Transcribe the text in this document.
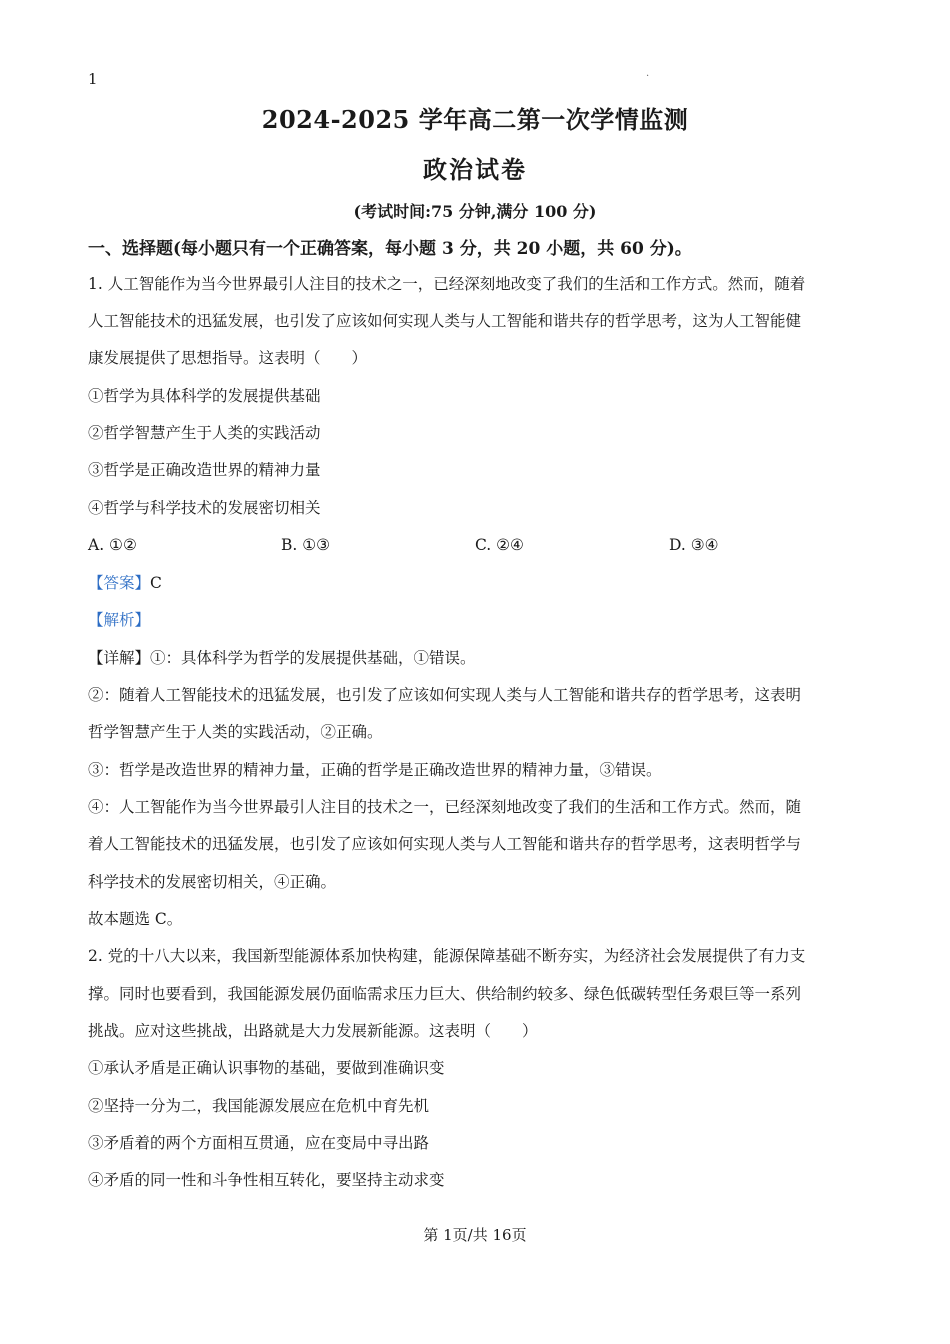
1	.
2024-2025 学年高二第一次学情监测
政治试卷
(考试时间:75 分钟,满分 100 分)
一、选择题(每小题只有一个正确答案，每小题 3 分，共 20 小题，共 60 分)。
1. 人工智能作为当今世界最引人注目的技术之一，已经深刻地改变了我们的生活和工作方式。然而，随着
人工智能技术的迅猛发展，也引发了应该如何实现人类与人工智能和谐共存的哲学思考，这为人工智能健
康发展提供了思想指导。这表明（　　）
①哲学为具体科学的发展提供基础
②哲学智慧产生于人类的实践活动
③哲学是正确改造世界的精神力量
④哲学与科学技术的发展密切相关
A. ①②	B. ①③	C. ②④	D. ③④
【答案】C
【解析】
【详解】①：具体科学为哲学的发展提供基础，①错误。
②：随着人工智能技术的迅猛发展，也引发了应该如何实现人类与人工智能和谐共存的哲学思考，这表明
哲学智慧产生于人类的实践活动，②正确。
③：哲学是改造世界的精神力量，正确的哲学是正确改造世界的精神力量，③错误。
④：人工智能作为当今世界最引人注目的技术之一，已经深刻地改变了我们的生活和工作方式。然而，随
着人工智能技术的迅猛发展，也引发了应该如何实现人类与人工智能和谐共存的哲学思考，这表明哲学与
科学技术的发展密切相关，④正确。
故本题选 C。
2. 党的十八大以来，我国新型能源体系加快构建，能源保障基础不断夯实，为经济社会发展提供了有力支
撑。同时也要看到，我国能源发展仍面临需求压力巨大、供给制约较多、绿色低碳转型任务艰巨等一系列
挑战。应对这些挑战，出路就是大力发展新能源。这表明（　　）
①承认矛盾是正确认识事物的基础，要做到准确识变
②坚持一分为二，我国能源发展应在危机中育先机
③矛盾着的两个方面相互贯通，应在变局中寻出路
④矛盾的同一性和斗争性相互转化，要坚持主动求变
第 1页/共 16页
